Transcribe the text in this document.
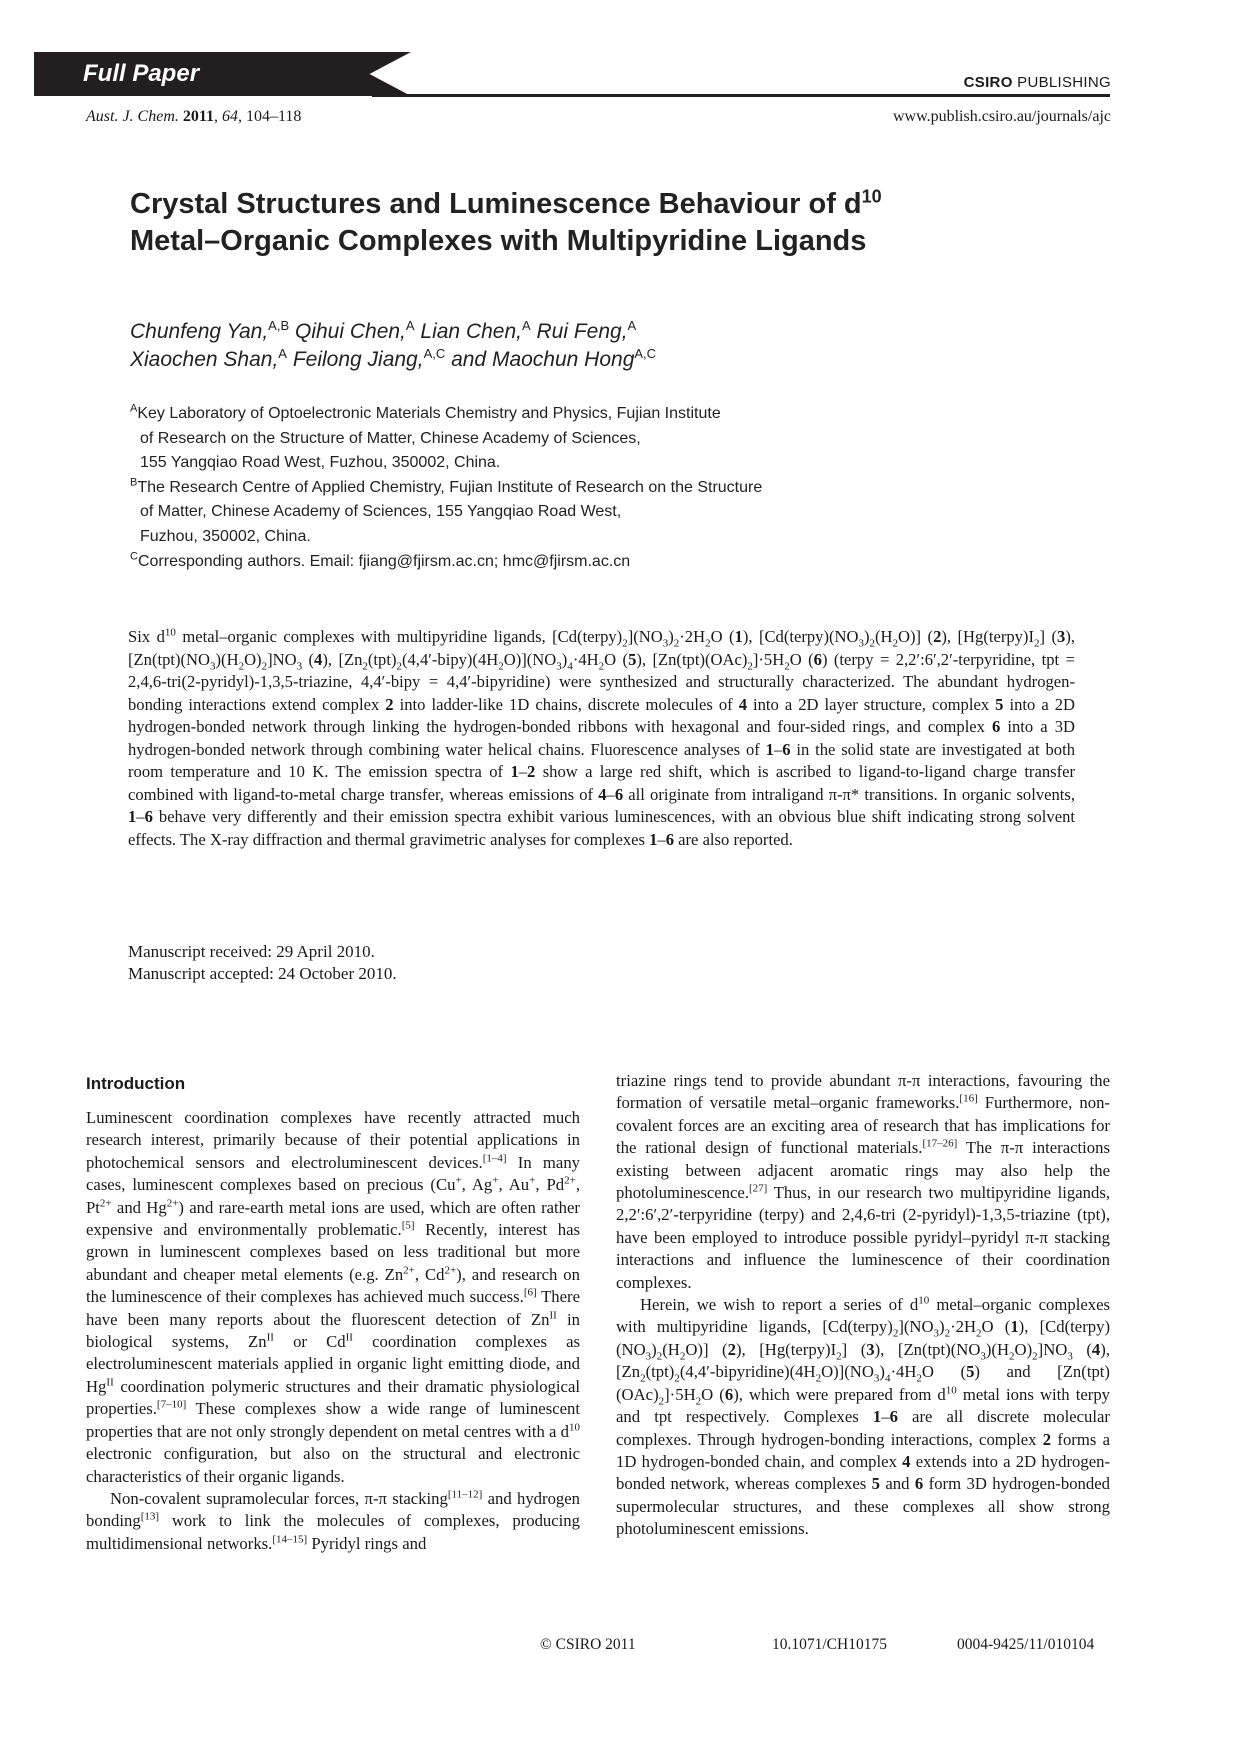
Full Paper	CSIRO PUBLISHING
Aust. J. Chem. 2011, 64, 104–118	www.publish.csiro.au/journals/ajc
Crystal Structures and Luminescence Behaviour of $d^{10}$
Metal–Organic Complexes with Multipyridine Ligands
Chunfeng Yan,$^{A,B}$ Qihui Chen,$^A$ Lian Chen,$^A$ Rui Feng,$^A$
Xiaochen Shan,$^A$ Feilong Jiang,$^{A,C}$ and Maochun Hong$^{A,C}$
$^A$Key Laboratory of Optoelectronic Materials Chemistry and Physics, Fujian Institute
of Research on the Structure of Matter, Chinese Academy of Sciences,
155 Yangqiao Road West, Fuzhou, 350002, China.
$^B$The Research Centre of Applied Chemistry, Fujian Institute of Research on the Structure
of Matter, Chinese Academy of Sciences, 155 Yangqiao Road West,
Fuzhou, 350002, China.
$^C$Corresponding authors. Email: fjiang@fjirsm.ac.cn; hmc@fjirsm.ac.cn
Six $d^{10}$ metal–organic complexes with multipyridine ligands, $[Cd(terpy)_2](NO_3)_2\cdot 2H_2O$ (1), $[Cd(terpy)(NO_3)_2(H_2O)]$ (2), $[Hg(terpy)I_2]$ (3), $[Zn(tpt)(NO_3)(H_2O)_2]NO_3$ (4), $[Zn_2(tpt)_2(4,4'-bipy)(4H_2O)](NO_3)_4\cdot 4H_2O$ (5), $[Zn(tpt)(OAc)_2]\cdot 5H_2O$ (6) (terpy = 2,2′:6′,2′-terpyridine, tpt = 2,4,6-tri(2-pyridyl)-1,3,5-triazine, 4,4′-bipy = 4,4′-bipyridine) were synthesized and structurally characterized. The abundant hydrogen-bonding interactions extend complex 2 into ladder-like 1D chains, discrete molecules of 4 into a 2D layer structure, complex 5 into a 2D hydrogen-bonded network through linking the hydrogen-bonded ribbons with hexagonal and four-sided rings, and complex 6 into a 3D hydrogen-bonded network through combining water helical chains. Fluorescence analyses of 1–6 in the solid state are investigated at both room temperature and 10 K. The emission spectra of 1–2 show a large red shift, which is ascribed to ligand-to-ligand charge transfer combined with ligand-to-metal charge transfer, whereas emissions of 4–6 all originate from intraligand π-π* transitions. In organic solvents, 1–6 behave very differently and their emission spectra exhibit various luminescences, with an obvious blue shift indicating strong solvent effects. The X-ray diffraction and thermal gravimetric analyses for complexes 1–6 are also reported.
Manuscript received: 29 April 2010.
Manuscript accepted: 24 October 2010.
Introduction

Luminescent coordination complexes have recently attracted much research interest, primarily because of their potential applications in photochemical sensors and electroluminescent devices.[1–4] In many cases, luminescent complexes based on precious (Cu+, Ag+, Au+, $Pd^{2+}$, $Pt^{2+}$ and $Hg^{2+}$) and rare-earth metal ions are used, which are often rather expensive and environmentally problematic.[5] Recently, interest has grown in luminescent complexes based on less traditional but more abundant and cheaper metal elements (e.g. $Zn^{2+}$, $Cd^{2+}$), and research on the luminescence of their complexes has achieved much success.[6] There have been many reports about the fluorescent detection of $Zn^{II}$ in biological systems, $Zn^{II}$ or $Cd^{II}$ coordination complexes as electroluminescent materials applied in organic light emitting diode, and $Hg^{II}$ coordination polymeric structures and their dramatic physiological properties.[7–10] These complexes show a wide range of luminescent properties that are not only strongly dependent on metal centres with a $d^{10}$ electronic configuration, but also on the structural and electronic characteristics of their organic ligands.

Non-covalent supramolecular forces, π-π stacking[11–12] and hydrogen bonding[13] work to link the molecules of complexes, producing multidimensional networks.[14–15] Pyridyl rings and

triazine rings tend to provide abundant π-π interactions, favouring the formation of versatile metal–organic frameworks.[16] Furthermore, non-covalent forces are an exciting area of research that has implications for the rational design of functional materials.[17–26] The π-π interactions existing between adjacent aromatic rings may also help the photoluminescence.[27] Thus, in our research two multipyridine ligands, 2,2′:6′,2′-terpyridine (terpy) and 2,4,6-tri (2-pyridyl)-1,3,5-triazine (tpt), have been employed to introduce possible pyridyl–pyridyl π-π stacking interactions and influence the luminescence of their coordination complexes.

Herein, we wish to report a series of $d^{10}$ metal–organic complexes with multipyridine ligands, $[Cd(terpy)_2](NO_3)_2\cdot 2H_2O$ (1), $[Cd(terpy)(NO_3)_2(H_2O)]$ (2), $[Hg(terpy)I_2]$ (3), $[Zn(tpt)(NO_3)(H_2O)_2]NO_3$ (4), $[Zn_2(tpt)_2(4,4'-bipyridine)(4H_2O)](NO_3)_4\cdot 4H_2O$ (5) and $[Zn(tpt)(OAc)_2]\cdot 5H_2O$ (6), which were prepared from $d^{10}$ metal ions with terpy and tpt respectively. Complexes 1–6 are all discrete molecular complexes. Through hydrogen-bonding interactions, complex 2 forms a 1D hydrogen-bonded chain, and complex 4 extends into a 2D hydrogen-bonded network, whereas complexes 5 and 6 form 3D hydrogen-bonded supermolecular structures, and these complexes all show strong photoluminescent emissions.

© CSIRO 2011	10.1071/CH10175	0004-9425/11/010104
